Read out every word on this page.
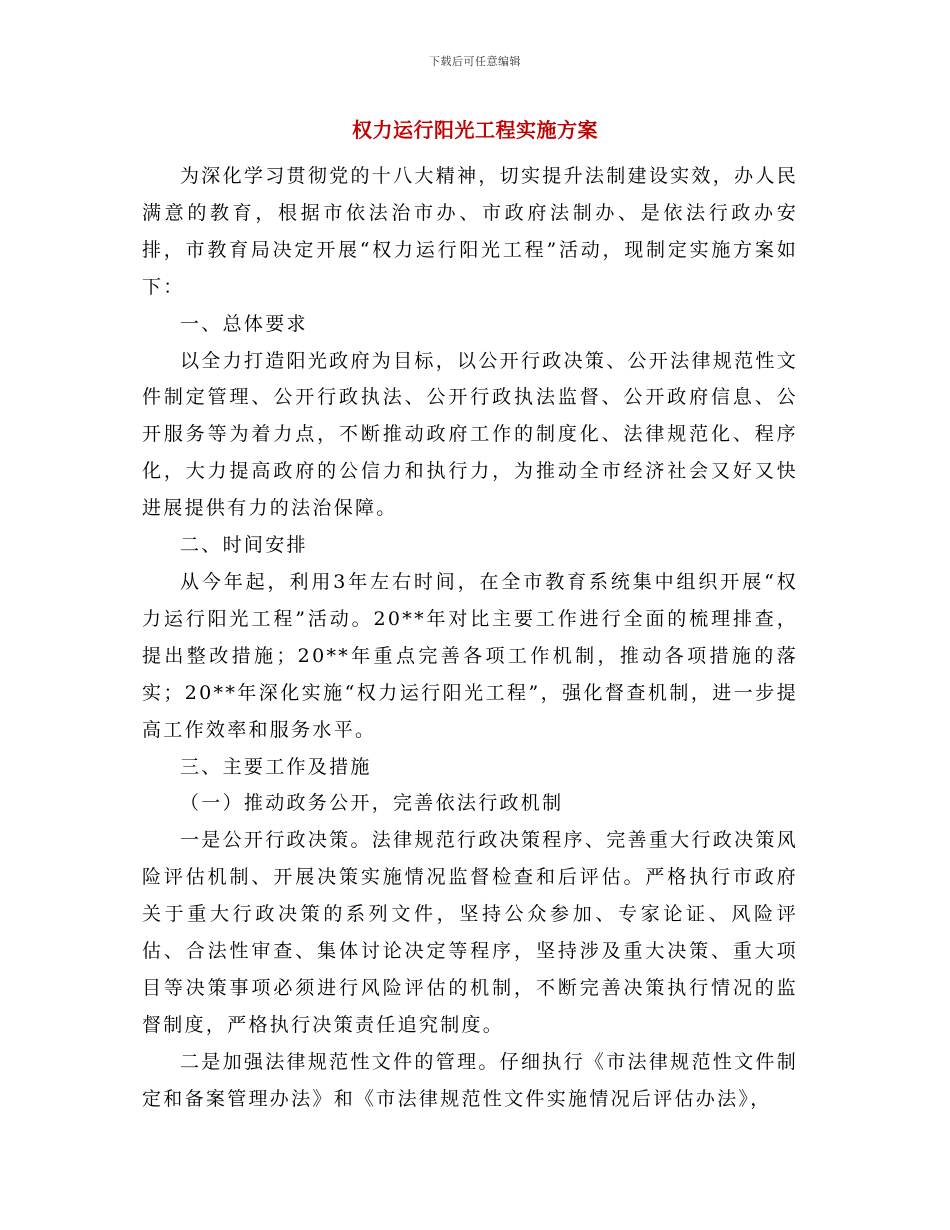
下载后可任意编辑
权力运行阳光工程实施方案

为深化学习贯彻党的十八大精神，切实提升法制建设实效，办人民满意的教育，根据市依法治市办、市政府法制办、是依法行政办安排，市教育局决定开展“权力运行阳光工程”活动，现制定实施方案如下：

一、总体要求

以全力打造阳光政府为目标，以公开行政决策、公开法律规范性文件制定管理、公开行政执法、公开行政执法监督、公开政府信息、公开服务等为着力点，不断推动政府工作的制度化、法律规范化、程序化，大力提高政府的公信力和执行力，为推动全市经济社会又好又快进展提供有力的法治保障。

二、时间安排

从今年起，利用3年左右时间，在全市教育系统集中组织开展“权力运行阳光工程”活动。20**年对比主要工作进行全面的梳理排查，提出整改措施；20**年重点完善各项工作机制，推动各项措施的落实；20**年深化实施“权力运行阳光工程”，强化督查机制，进一步提高工作效率和服务水平。

三、主要工作及措施

（一）推动政务公开，完善依法行政机制

一是公开行政决策。法律规范行政决策程序、完善重大行政决策风险评估机制、开展决策实施情况监督检查和后评估。严格执行市政府关于重大行政决策的系列文件，坚持公众参加、专家论证、风险评估、合法性审查、集体讨论决定等程序，坚持涉及重大决策、重大项目等决策事项必须进行风险评估的机制，不断完善决策执行情况的监督制度，严格执行决策责任追究制度。

二是加强法律规范性文件的管理。仔细执行《市法律规范性文件制定和备案管理办法》和《市法律规范性文件实施情况后评估办法》，
